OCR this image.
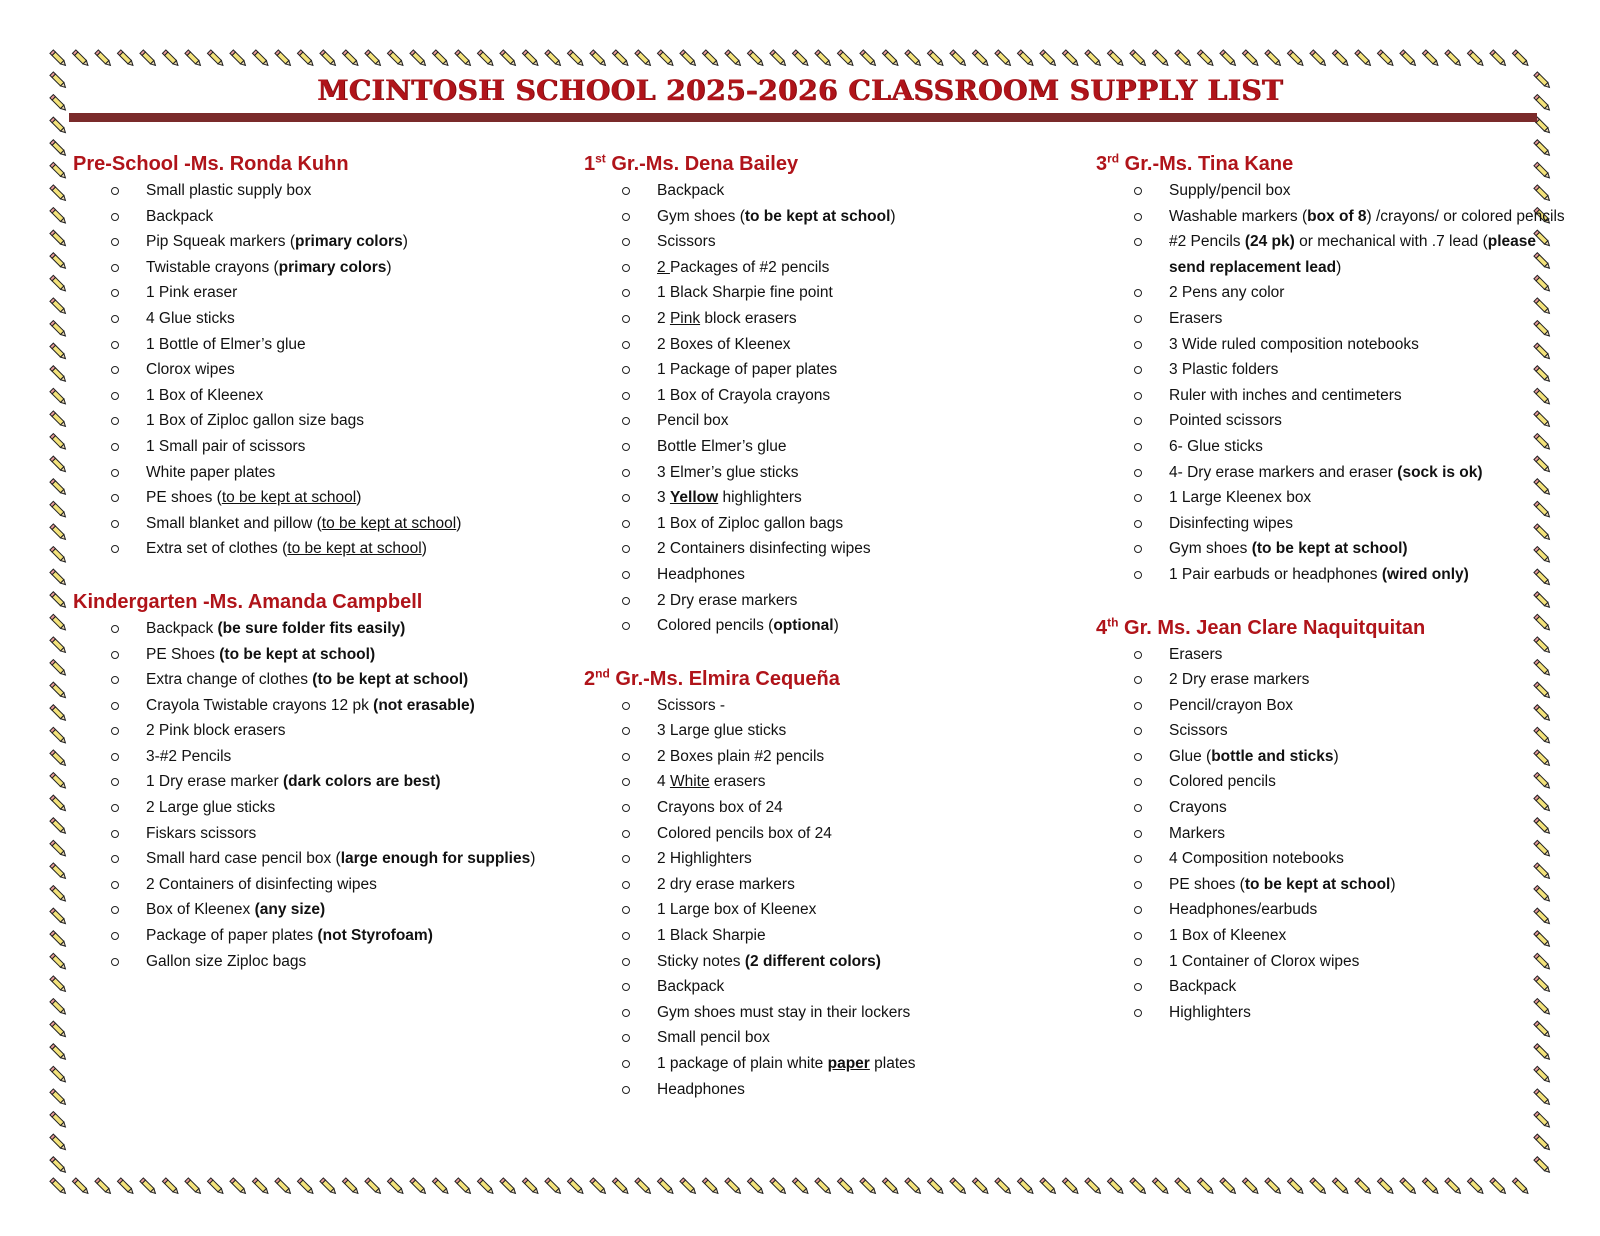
MCINTOSH SCHOOL 2025-2026 CLASSROOM SUPPLY LIST
Pre-School -Ms. Ronda Kuhn
Small plastic supply box
Backpack
Pip Squeak markers (primary colors)
Twistable crayons (primary colors)
1 Pink eraser
4 Glue sticks
1 Bottle of Elmer’s glue
Clorox wipes
1 Box of Kleenex
1 Box of Ziploc gallon size bags
1 Small pair of scissors
White paper plates
PE shoes (to be kept at school)
Small blanket and pillow (to be kept at school)
Extra set of clothes (to be kept at school)
Kindergarten -Ms. Amanda Campbell
Backpack (be sure folder fits easily)
PE Shoes (to be kept at school)
Extra change of clothes (to be kept at school)
Crayola Twistable crayons 12 pk (not erasable)
2 Pink block erasers
3-#2 Pencils
1 Dry erase marker (dark colors are best)
2 Large glue sticks
Fiskars scissors
Small hard case pencil box (large enough for supplies)
2 Containers of disinfecting wipes
Box of Kleenex (any size)
Package of paper plates (not Styrofoam)
Gallon size Ziploc bags
1st Gr.-Ms. Dena Bailey
Backpack
Gym shoes (to be kept at school)
Scissors
2 Packages of #2 pencils
1 Black Sharpie fine point
2 Pink block erasers
2 Boxes of Kleenex
1 Package of paper plates
1 Box of Crayola crayons
Pencil box
Bottle Elmer’s glue
3 Elmer’s glue sticks
3 Yellow highlighters
1 Box of Ziploc gallon bags
2 Containers disinfecting wipes
Headphones
2 Dry erase markers
Colored pencils (optional)
2nd Gr.-Ms. Elmira Cequeña
Scissors -
3 Large glue sticks
2 Boxes plain #2 pencils
4 White erasers
Crayons box of 24
Colored pencils box of 24
2 Highlighters
2 dry erase markers
1 Large box of Kleenex
1 Black Sharpie
Sticky notes (2 different colors)
Backpack
Gym shoes must stay in their lockers
Small pencil box
1 package of plain white paper plates
Headphones
3rd Gr.-Ms. Tina Kane
Supply/pencil box
Washable markers (box of 8) /crayons/ or colored pencils
#2 Pencils (24 pk) or mechanical with .7 lead (please send replacement lead)
2 Pens any color
Erasers
3 Wide ruled composition notebooks
3 Plastic folders
Ruler with inches and centimeters
Pointed scissors
6- Glue sticks
4- Dry erase markers and eraser (sock is ok)
1 Large Kleenex box
Disinfecting wipes
Gym shoes (to be kept at school)
1 Pair earbuds or headphones (wired only)
4th Gr. Ms. Jean Clare Naquitquitan
Erasers
2 Dry erase markers
Pencil/crayon Box
Scissors
Glue (bottle and sticks)
Colored pencils
Crayons
Markers
4 Composition notebooks
PE shoes (to be kept at school)
Headphones/earbuds
1 Box of Kleenex
1 Container of Clorox wipes
Backpack
Highlighters
